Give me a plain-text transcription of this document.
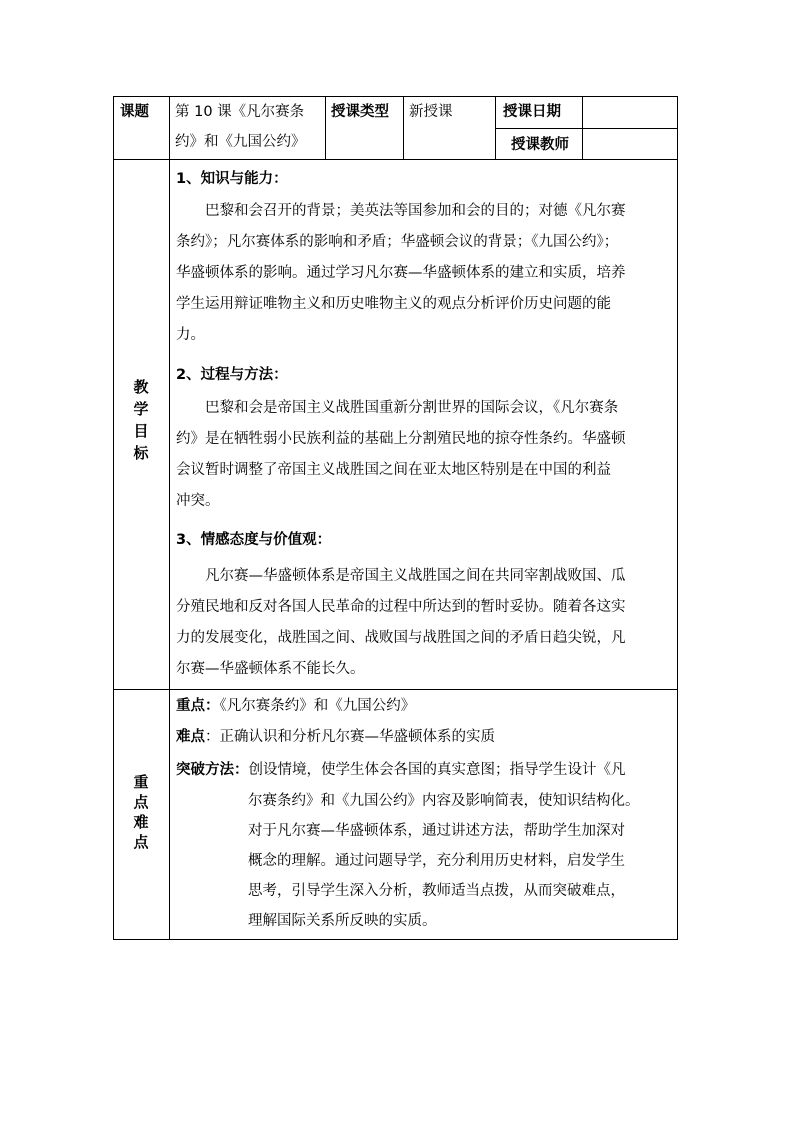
课题 第 10 课《凡尔赛条
约》和《九国公约》
授课类型 新授课	授课日期
授课教师
教
学
目
标
1、知识与能力：
巴黎和会召开的背景；美英法等国参加和会的目的；对德《凡尔赛
条约》；凡尔赛体系的影响和矛盾；华盛顿会议的背景；《九国公约》；
华盛顿体系的影响。通过学习凡尔赛—华盛顿体系的建立和实质，培养
学生运用辩证唯物主义和历史唯物主义的观点分析评价历史问题的能
力。
2、过程与方法：
巴黎和会是帝国主义战胜国重新分割世界的国际会议，《凡尔赛条
约》是在牺牲弱小民族利益的基础上分割殖民地的掠夺性条约。华盛顿
会议暂时调整了帝国主义战胜国之间在亚太地区特别是在中国的利益
冲突。
3、情感态度与价值观：
凡尔赛—华盛顿体系是帝国主义战胜国之间在共同宰割战败国、瓜
分殖民地和反对各国人民革命的过程中所达到的暂时妥协。随着各这实
力的发展变化，战胜国之间、战败国与战胜国之间的矛盾日趋尖锐，凡
尔赛—华盛顿体系不能长久。
重
点
难
点
重点：《凡尔赛条约》和《九国公约》
难点：正确认识和分析凡尔赛—华盛顿体系的实质
突破方法：创设情境，使学生体会各国的真实意图；指导学生设计《凡
尔赛条约》和《九国公约》内容及影响简表，使知识结构化。
对于凡尔赛—华盛顿体系，通过讲述方法，帮助学生加深对
概念的理解。通过问题导学，充分利用历史材料，启发学生
思考，引导学生深入分析，教师适当点拨，从而突破难点，
理解国际关系所反映的实质。
